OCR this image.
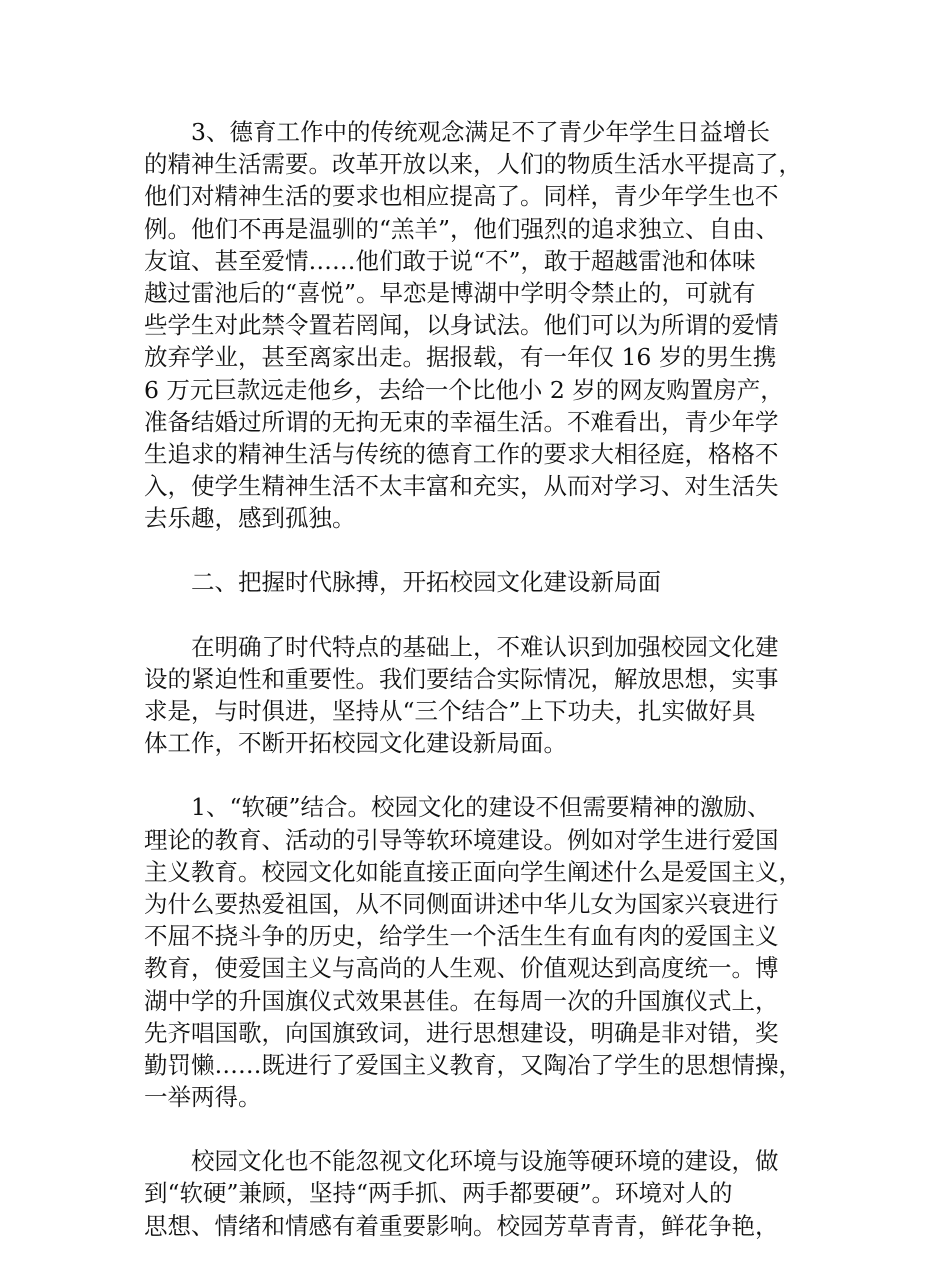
3、德育工作中的传统观念满足不了青少年学生日益增长
的精神生活需要。改革开放以来，人们的物质生活水平提高了，
他们对精神生活的要求也相应提高了。同样，青少年学生也不
例。他们不再是温驯的“羔羊”，他们强烈的追求独立、自由、
友谊、甚至爱情……他们敢于说“不”，敢于超越雷池和体味
越过雷池后的“喜悦”。早恋是博湖中学明令禁止的，可就有
些学生对此禁令置若罔闻，以身试法。他们可以为所谓的爱情
放弃学业，甚至离家出走。据报载，有一年仅 16 岁的男生携
6 万元巨款远走他乡，去给一个比他小 2 岁的网友购置房产，
准备结婚过所谓的无拘无束的幸福生活。不难看出，青少年学
生追求的精神生活与传统的德育工作的要求大相径庭，格格不
入，使学生精神生活不太丰富和充实，从而对学习、对生活失
去乐趣，感到孤独。
二、把握时代脉搏，开拓校园文化建设新局面
在明确了时代特点的基础上，不难认识到加强校园文化建
设的紧迫性和重要性。我们要结合实际情况，解放思想，实事
求是，与时俱进，坚持从“三个结合”上下功夫，扎实做好具
体工作，不断开拓校园文化建设新局面。
1、“软硬”结合。校园文化的建设不但需要精神的激励、
理论的教育、活动的引导等软环境建设。例如对学生进行爱国
主义教育。校园文化如能直接正面向学生阐述什么是爱国主义，
为什么要热爱祖国，从不同侧面讲述中华儿女为国家兴衰进行
不屈不挠斗争的历史，给学生一个活生生有血有肉的爱国主义
教育，使爱国主义与高尚的人生观、价值观达到高度统一。博
湖中学的升国旗仪式效果甚佳。在每周一次的升国旗仪式上，
先齐唱国歌，向国旗致词，进行思想建设，明确是非对错，奖
勤罚懒……既进行了爱国主义教育，又陶冶了学生的思想情操，
一举两得。
校园文化也不能忽视文化环境与设施等硬环境的建设，做
到“软硬”兼顾，坚持“两手抓、两手都要硬”。环境对人的
思想、情绪和情感有着重要影响。校园芳草青青，鲜花争艳，
